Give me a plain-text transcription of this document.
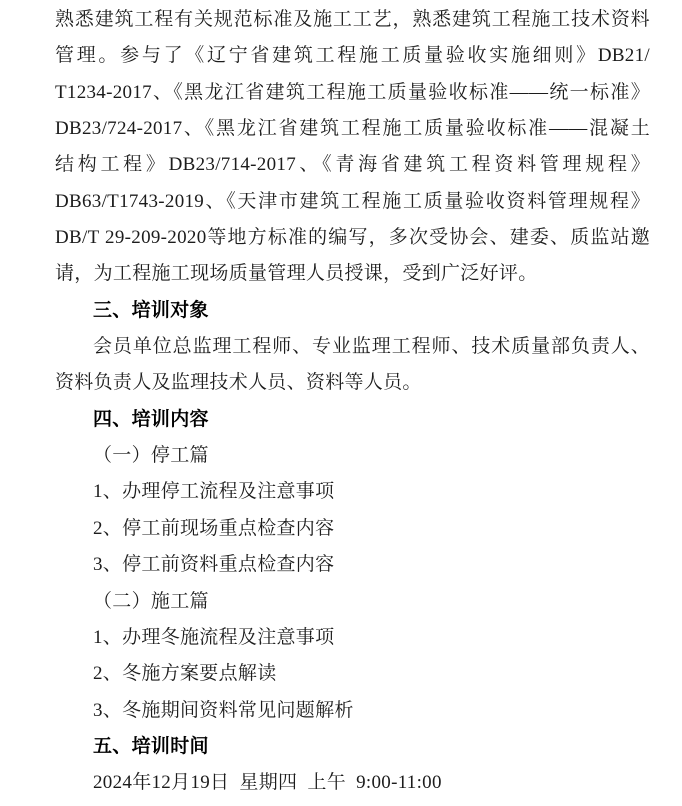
熟悉建筑工程有关规范标准及施工工艺，熟悉建筑工程施工技术资料
管理。参与了《辽宁省建筑工程施工质量验收实施细则》DB21/
T1234-2017、《黑龙江省建筑工程施工质量验收标准——统一标准》
DB23/724-2017、《黑龙江省建筑工程施工质量验收标准——混凝土
结构工程》DB23/714-2017、《青海省建筑工程资料管理规程》
DB63/T1743-2019、《天津市建筑工程施工质量验收资料管理规程》
DB/T 29-209-2020等地方标准的编写，多次受协会、建委、质监站邀
请，为工程施工现场质量管理人员授课，受到广泛好评。
三、培训对象
会员单位总监理工程师、专业监理工程师、技术质量部负责人、
资料负责人及监理技术人员、资料等人员。
四、培训内容
（一）停工篇
1、办理停工流程及注意事项
2、停工前现场重点检查内容
3、停工前资料重点检查内容
（二）施工篇
1、办理冬施流程及注意事项
2、冬施方案要点解读
3、冬施期间资料常见问题解析
五、培训时间
2024年12月19日  星期四  上午  9:00-11:00
